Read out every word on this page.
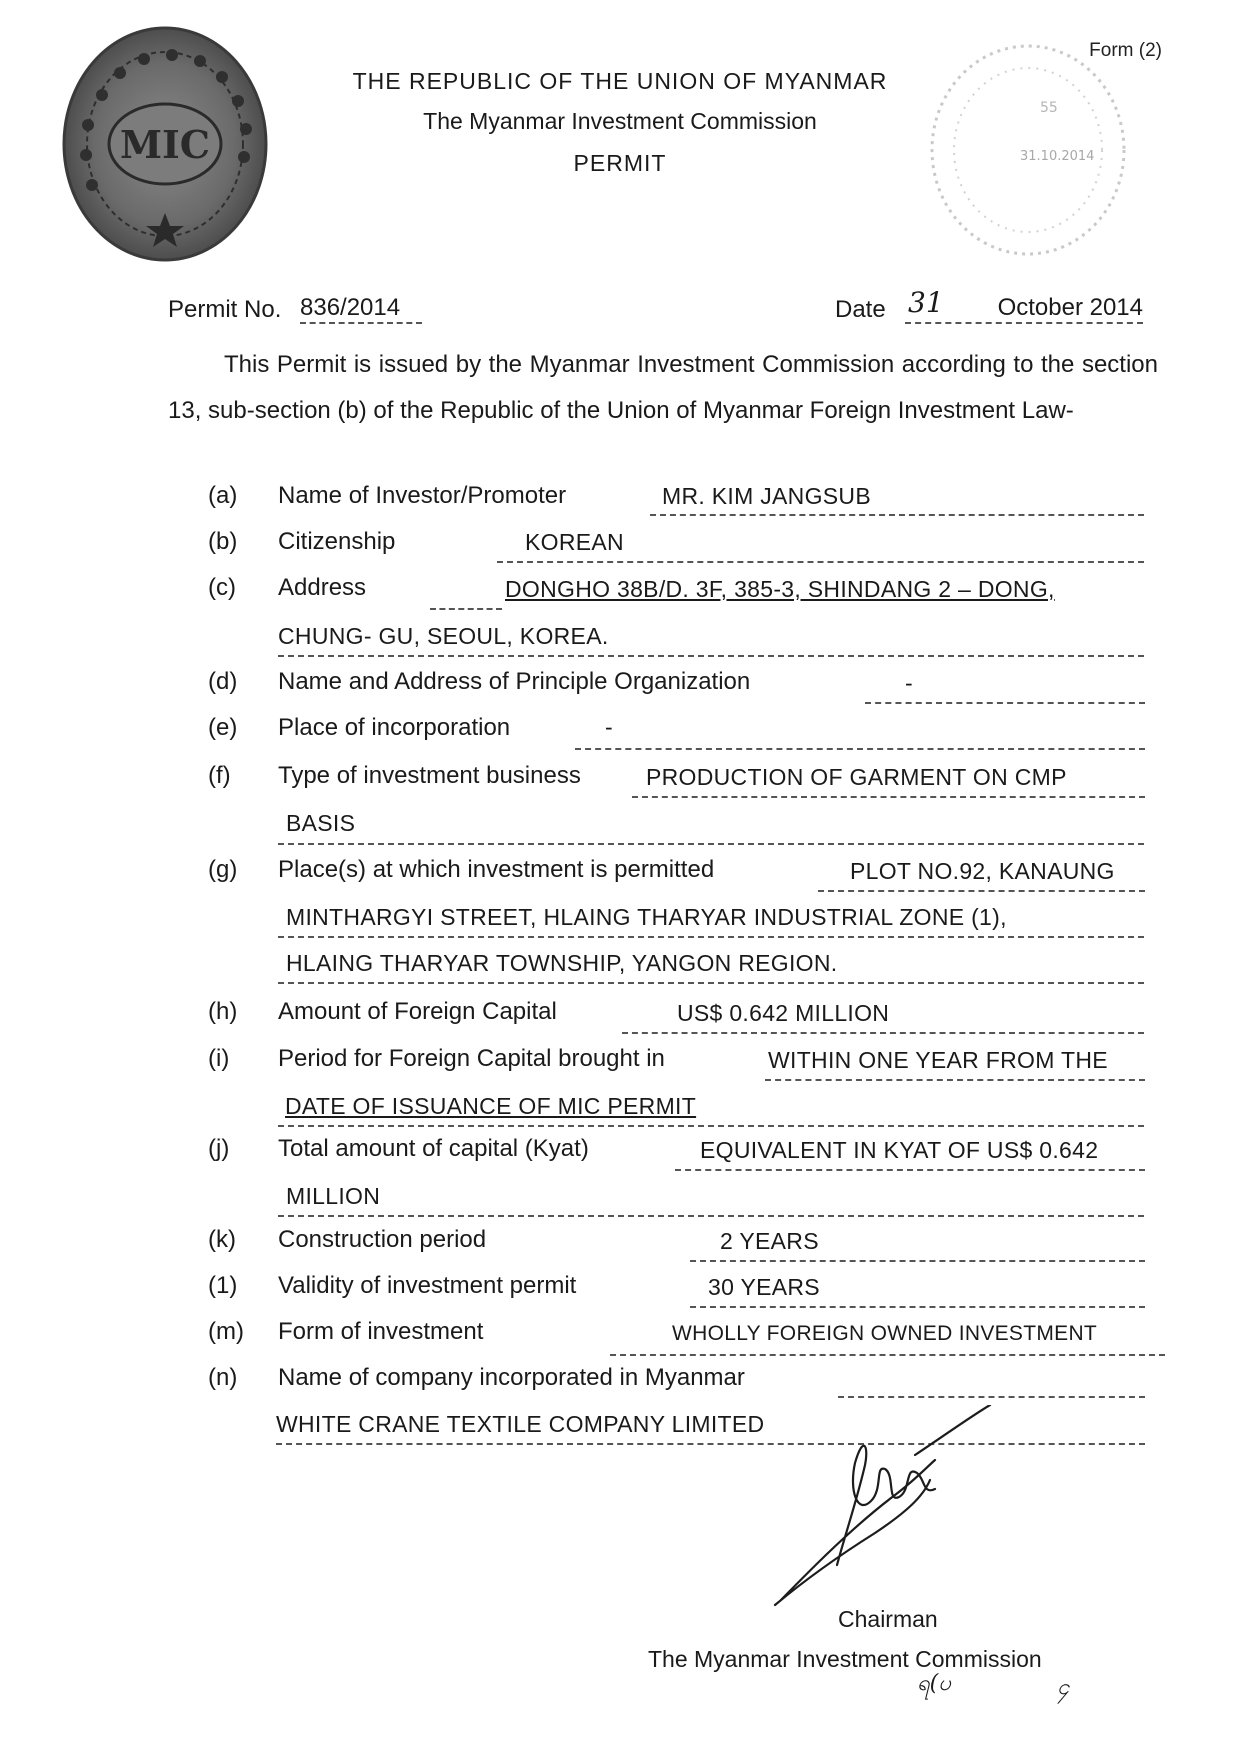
MIC
55
31.10.2014
Form (2)
THE REPUBLIC OF THE UNION OF MYANMAR
The Myanmar Investment Commission
PERMIT
Permit No. 836/2014	Date	October 2014
31
This Permit is issued by the Myanmar Investment Commission according to the section 13, sub-section (b) of the Republic of the Union of Myanmar Foreign Investment Law-
(a) Name of Investor/Promoter	MR. KIM JANGSUB
(b) Citizenship	KOREAN
(c) Address	DONGHO 38B/D. 3F, 385-3, SHINDANG 2 – DONG,
CHUNG- GU, SEOUL, KOREA.
(d) Name and Address of Principle Organization	-
(e) Place of incorporation	-
(f) Type of investment business	PRODUCTION OF GARMENT ON CMP
BASIS
(g) Place(s) at which investment is permitted	PLOT NO.92, KANAUNG
MINTHARGYI STREET, HLAING THARYAR INDUSTRIAL ZONE (1),
HLAING THARYAR TOWNSHIP, YANGON REGION.
(h) Amount of Foreign Capital	US$ 0.642 MILLION
(i) Period for Foreign Capital brought in	WITHIN ONE YEAR FROM THE
DATE OF ISSUANCE OF MIC PERMIT
(j) Total amount of capital (Kyat)	EQUIVALENT IN KYAT OF US$ 0.642
MILLION
(k) Construction period	2 YEARS
(1) Validity of investment permit	30 YEARS
(m) Form of investment	WHOLLY FOREIGN OWNED INVESTMENT
(n) Name of company incorporated in Myanmar
WHITE CRANE TEXTILE COMPANY LIMITED
Chairman
The Myanmar Investment Commission
ရ(ပ	၄
